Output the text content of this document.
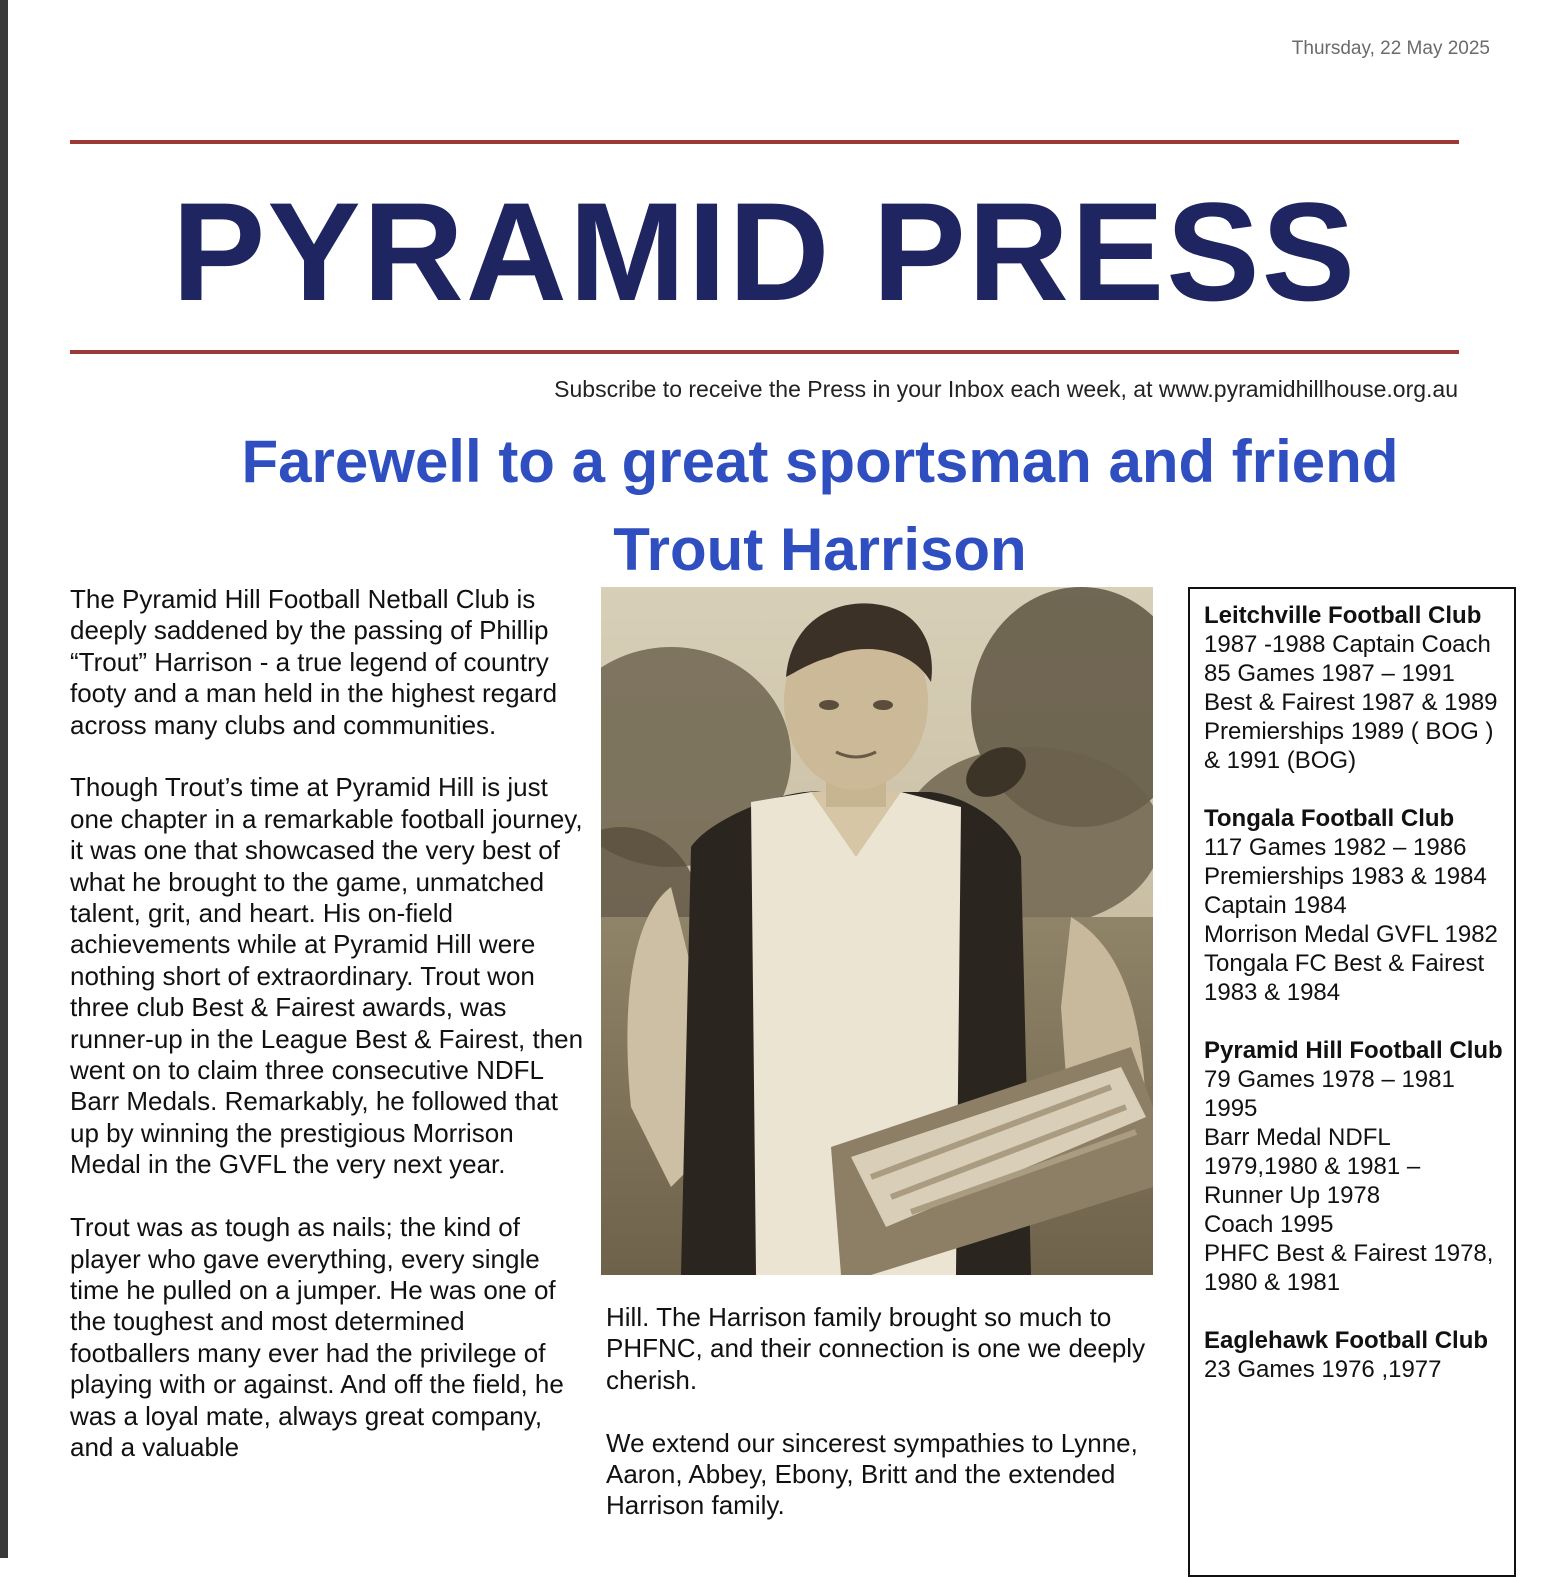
Thursday, 22 May 2025
PYRAMID PRESS
Subscribe to receive the Press in your Inbox each week, at www.pyramidhillhouse.org.au
Farewell to a great sportsman and friend
Trout Harrison

The Pyramid Hill Football Netball Club is deeply saddened by the passing of Phillip “Trout” Harrison - a true legend of country footy and a man held in the highest regard across many clubs and communities.

Though Trout’s time at Pyramid Hill is just one chapter in a remarkable football journey, it was one that showcased the very best of what he brought to the game, unmatched talent, grit, and heart. His on-field achievements while at Pyramid Hill were nothing short of extraordinary. Trout won three club Best & Fairest awards, was runner-up in the League Best & Fairest, then went on to claim three consecutive NDFL Barr Medals. Remarkably, he followed that up by winning the prestigious Morrison Medal in the GVFL the very next year.

Trout was as tough as nails; the kind of player who gave everything, every single time he pulled on a jumper. He was one of the toughest and most determined footballers many ever had the privilege of playing with or against. And off the field, he was a loyal mate, always great company, and a valuable

Hill. The Harrison family brought so much to PHFNC, and their connection is one we deeply cherish.

We extend our sincerest sympathies to Lynne, Aaron, Abbey, Ebony, Britt and the extended Harrison family.

Leitchville Football Club
1987 -1988 Captain Coach
85 Games 1987 – 1991
Best & Fairest 1987 & 1989
Premierships 1989 ( BOG ) & 1991 (BOG)
Tongala Football Club
117 Games 1982 – 1986
Premierships 1983 & 1984
Captain 1984
Morrison Medal GVFL 1982
Tongala FC Best & Fairest 1983 & 1984
Pyramid Hill Football Club
79 Games 1978 – 1981 1995
Barr Medal NDFL 1979,1980 & 1981 – Runner Up 1978
Coach 1995
PHFC Best & Fairest 1978, 1980 & 1981
Eaglehawk Football Club
23 Games 1976 ,1977
